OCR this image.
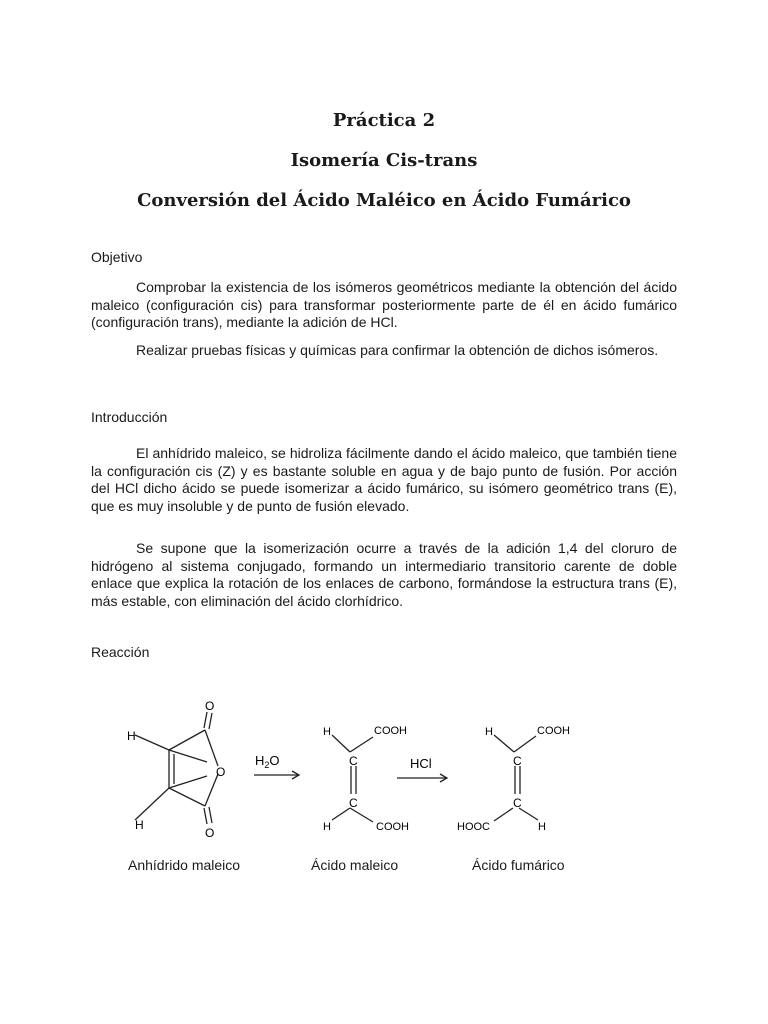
Práctica 2
Isomería Cis-trans
Conversión del Ácido Maléico en Ácido Fumárico
Objetivo
Comprobar la existencia de los isómeros geométricos mediante la obtención del ácido maleico (configuración cis) para transformar posteriormente parte de él en ácido fumárico (configuración trans), mediante la adición de HCl.
Realizar pruebas físicas y químicas para confirmar la obtención de dichos isómeros.
Introducción
El anhídrido maleico, se hidroliza fácilmente dando el ácido maleico, que también tiene la configuración cis (Z) y es bastante soluble en agua y de bajo punto de fusión. Por acción del HCl dicho ácido se puede isomerizar a ácido fumárico, su isómero geométrico trans (E), que es muy insoluble y de punto de fusión elevado.
Se supone que la isomerización ocurre a través de la adición 1,4 del cloruro de hidrógeno al sistema conjugado, formando un intermediario transitorio carente de doble enlace que explica la rotación de los enlaces de carbono, formándose la estructura trans (E), más estable, con eliminación del ácido clorhídrico.
Reacción
H
H
O
O
O
$H_2O$
H	COOH
C
C
H	COOH
HCl
H	COOH
C
C
HOOC	H
Anhídrido maleico	Ácido maleico	Ácido fumárico
